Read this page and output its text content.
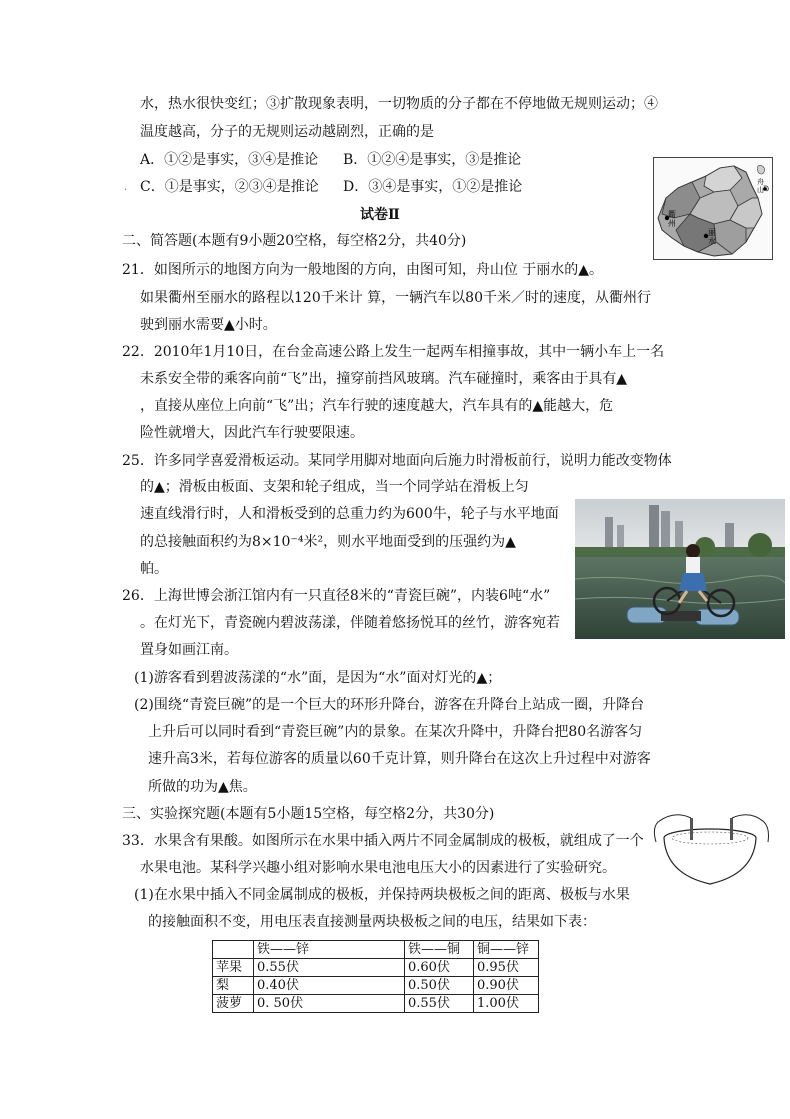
水，热水很快变红；③扩散现象表明，一切物质的分子都在不停地做无规则运动；④
温度越高，分子的无规则运动越剧烈，正确的是
A．①②是事实，③④是推论 B．①②④是事实，③是推论
. C．①是事实，②③④是推论 D．③④是事实，①②是推论
衢州
丽水
舟山
试卷Ⅱ
二、简答题(本题有9小题20空格，每空格2分，共40分)
21．如图所示的地图方向为一般地图的方向，由图可知，舟山位 于丽水的▲。
如果衢州至丽水的路程以120千米计 算，一辆汽车以80千米／时的速度，从衢州行
驶到丽水需要▲小时。
22．2010年1月10日，在台金高速公路上发生一起两车相撞事故，其中一辆小车上一名
未系安全带的乘客向前“飞”出，撞穿前挡风玻璃。汽车碰撞时，乘客由于具有▲
，直接从座位上向前“飞”出；汽车行驶的速度越大，汽车具有的▲能越大，危
险性就增大，因此汽车行驶要限速。
25．许多同学喜爱滑板运动。某同学用脚对地面向后施力时滑板前行，说明力能改变物体
的▲；滑板由板面、支架和轮子组成，当一个同学站在滑板上匀
速直线滑行时，人和滑板受到的总重力约为600牛，轮子与水平地面
的总接触面积约为8×10⁻⁴米²，则水平地面受到的压强约为▲
帕。
26．上海世博会浙江馆内有一只直径8米的“青瓷巨碗”，内装6吨“水”
。在灯光下，青瓷碗内碧波荡漾，伴随着悠扬悦耳的丝竹，游客宛若
置身如画江南。
(1)游客看到碧波荡漾的“水”面，是因为“水”面对灯光的▲；
(2)围绕“青瓷巨碗”的是一个巨大的环形升降台，游客在升降台上站成一圈，升降台
上升后可以同时看到“青瓷巨碗”内的景象。在某次升降中，升降台把80名游客匀
速升高3米，若每位游客的质量以60千克计算，则升降台在这次上升过程中对游客
所做的功为▲焦。
三、实验探究题(本题有5小题15空格，每空格2分，共30分)
33．水果含有果酸。如图所示在水果中插入两片不同金属制成的极板，就组成了一个
水果电池。某科学兴趣小组对影响水果电池电压大小的因素进行了实验研究。
(1)在水果中插入不同金属制成的极板，并保持两块极板之间的距离、极板与水果
的接触面积不变，用电压表直接测量两块极板之间的电压，结果如下表：
	铁——锌	铁——铜	铜——锌
苹果	0.55伏	0.60伏	0.95伏
梨	0.40伏	0.50伏	0.90伏
菠萝	0. 50伏	0.55伏	1.00伏
